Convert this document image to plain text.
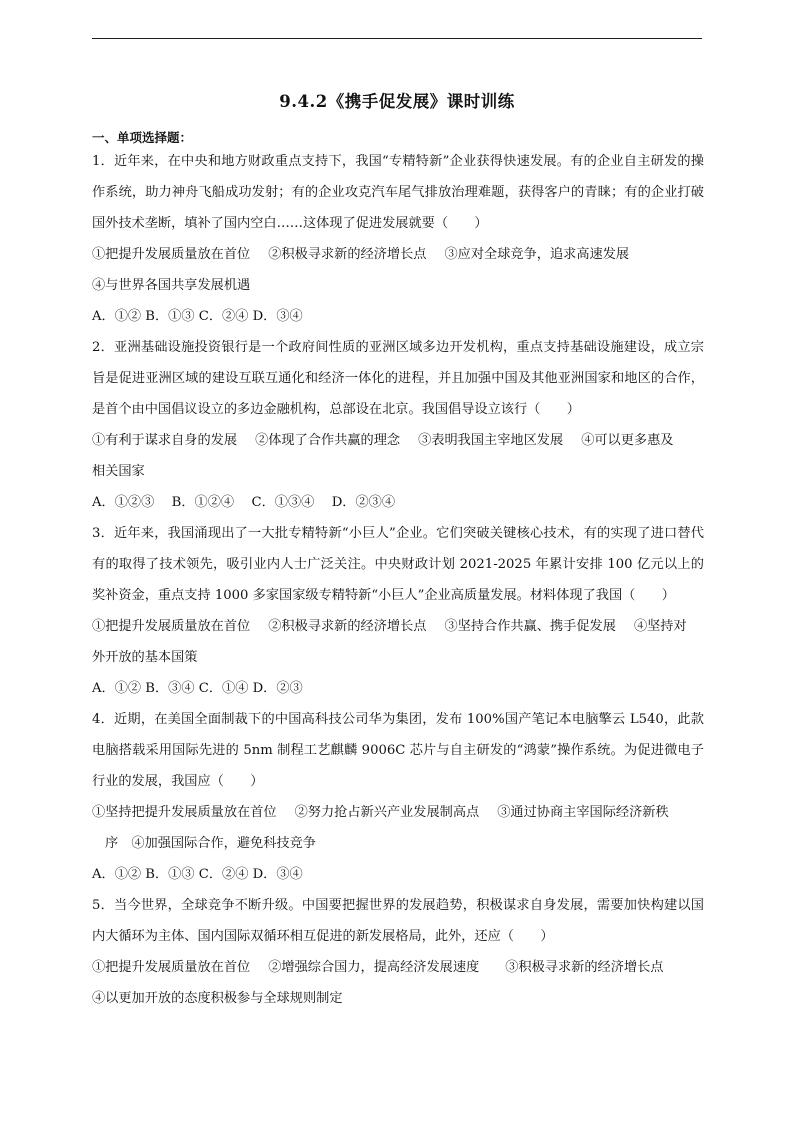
9.4.2《携手促发展》课时训练
一、单项选择题：

1．近年来，在中央和地方财政重点支持下，我国“专精特新”企业获得快速发展。有的企业自主研发的操作系统，助力神舟飞船成功发射；有的企业攻克汽车尾气排放治理难题，获得客户的青睐；有的企业打破国外技术垄断，填补了国内空白……这体现了促进发展就要（　　）

①把提升发展质量放在首位 ②积极寻求新的经济增长点 ③应对全球竞争，追求高速发展

④与世界各国共享发展机遇

A．①② B．①③ C．②④ D．③④

2．亚洲基础设施投资银行是一个政府间性质的亚洲区域多边开发机构，重点支持基础设施建设，成立宗旨是促进亚洲区域的建设互联互通化和经济一体化的进程，并且加强中国及其他亚洲国家和地区的合作，是首个由中国倡议设立的多边金融机构，总部设在北京。我国倡导设立该行（　　）

①有利于谋求自身的发展 ②体现了合作共赢的理念 ③表明我国主宰地区发展 ④可以更多惠及

相关国家

A．①②③　 B．①②④　 C．①③④　 D．②③④

3．近年来，我国涌现出了一大批专精特新“小巨人”企业。它们突破关键核心技术，有的实现了进口替代有的取得了技术领先，吸引业内人士广泛关注。中央财政计划 2021-2025 年累计安排 100 亿元以上的奖补资金，重点支持 1000 多家国家级专精特新“小巨人”企业高质量发展。材料体现了我国（　　）

①把提升发展质量放在首位 ②积极寻求新的经济增长点 ③坚持合作共赢、携手促发展 ④坚持对

外开放的基本国策

A．①② B．③④ C．①④ D．②③

4．近期，在美国全面制裁下的中国高科技公司华为集团，发布 100%国产笔记本电脑擎云 L540，此款电脑搭载采用国际先进的 5nm 制程工艺麒麟 9006C 芯片与自主研发的“鸿蒙”操作系统。为促进微电子行业的发展，我国应（　　）

①坚持把提升发展质量放在首位 ②努力抢占新兴产业发展制高点 ③通过协商主宰国际经济新秩

序　④加强国际合作，避免科技竞争

A．①② B．①③ C．②④ D．③④

5．当今世界，全球竞争不断升级。中国要把握世界的发展趋势，积极谋求自身发展，需要加快构建以国内大循环为主体、国内国际双循环相互促进的新发展格局，此外，还应（　　）

①把提升发展质量放在首位 ②增强综合国力，提高经济发展速度 ③积极寻求新的经济增长点

④以更加开放的态度积极参与全球规则制定
